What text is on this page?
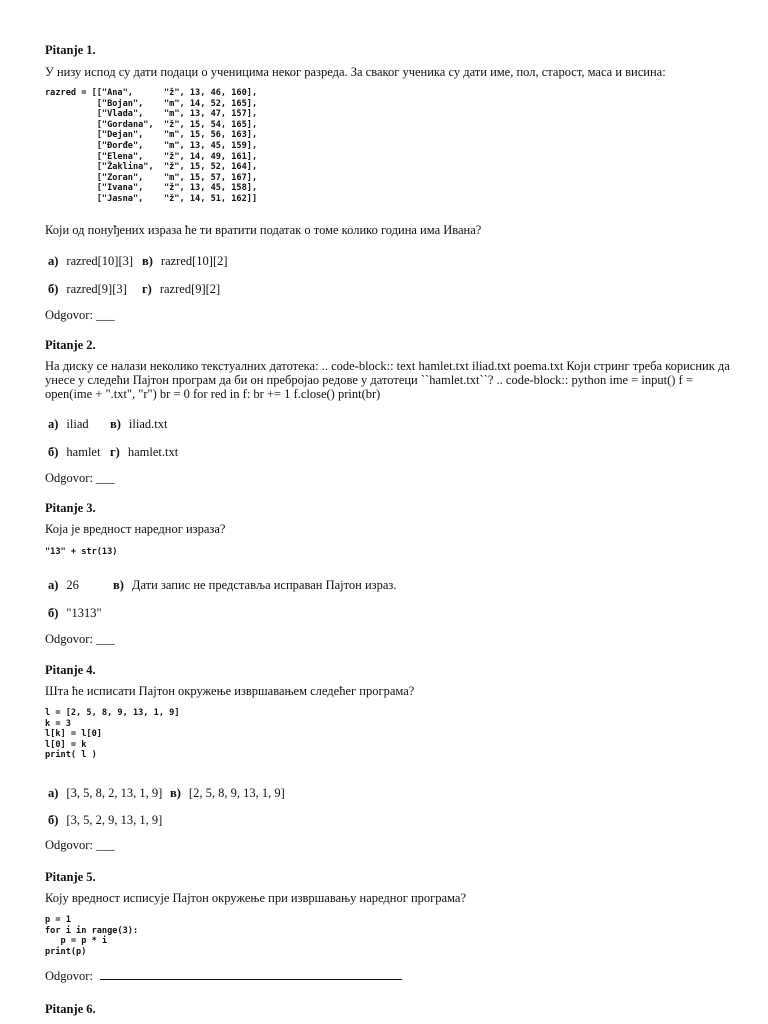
Pitanje 1.
У низу испод су дати подаци о ученицима неког разреда. За сваког ученика су дати име, пол, старост, маса и висина:
razred = [["Ana",      "ž", 13, 46, 160],
["Bojan",    "m", 14, 52, 165],
["Vlada",    "m", 13, 47, 157],
["Gordana",  "ž", 15, 54, 165],
["Dejan",    "m", 15, 56, 163],
["Đorđe",    "m", 13, 45, 159],
["Elena",    "ž", 14, 49, 161],
["Žaklina",  "ž", 15, 52, 164],
["Zoran",    "m", 15, 57, 167],
["Ivana",    "ž", 13, 45, 158],
["Jasna",    "ž", 14, 51, 162]]
Који од понуђених израза ће ти вратити податак о томе колико година има Ивана?
а) razred[10][3] в) razred[10][2]
б) razred[9][3] г) razred[9][2]
Odgovor: ___
Pitanje 2.
На диску се налази неколико текстуалних датотека: .. code-block:: text hamlet.txt iliad.txt poema.txt Који стринг треба корисник да унесе у следећи Пајтон програм да би он пребројао редове у датотеци ``hamlet.txt``? .. code-block:: python ime = input() f = open(ime + ".txt", "r") br = 0 for red in f: br += 1 f.close() print(br)
а) iliad в) iliad.txt
б) hamlet г) hamlet.txt
Odgovor: ___
Pitanje 3.
Која је вредност наредног израза?
"13" + str(13)
а) 26	в) Дати запис не представља исправан Пајтон израз.
б) "1313"
Odgovor: ___
Pitanje 4.
Шта ће исписати Пајтон окружење извршавањем следећег програма?
l = [2, 5, 8, 9, 13, 1, 9]
k = 3
l[k] = l[0]
l[0] = k
print( l )
а) [3, 5, 8, 2, 13, 1, 9] в) [2, 5, 8, 9, 13, 1, 9]
б) [3, 5, 2, 9, 13, 1, 9]
Odgovor: ___
Pitanje 5.
Коју вредност исписује Пајтон окружење при извршавању наредног програма?
p = 1
for i in range(3):
p = p * i
print(p)
Odgovor:
Pitanje 6.
